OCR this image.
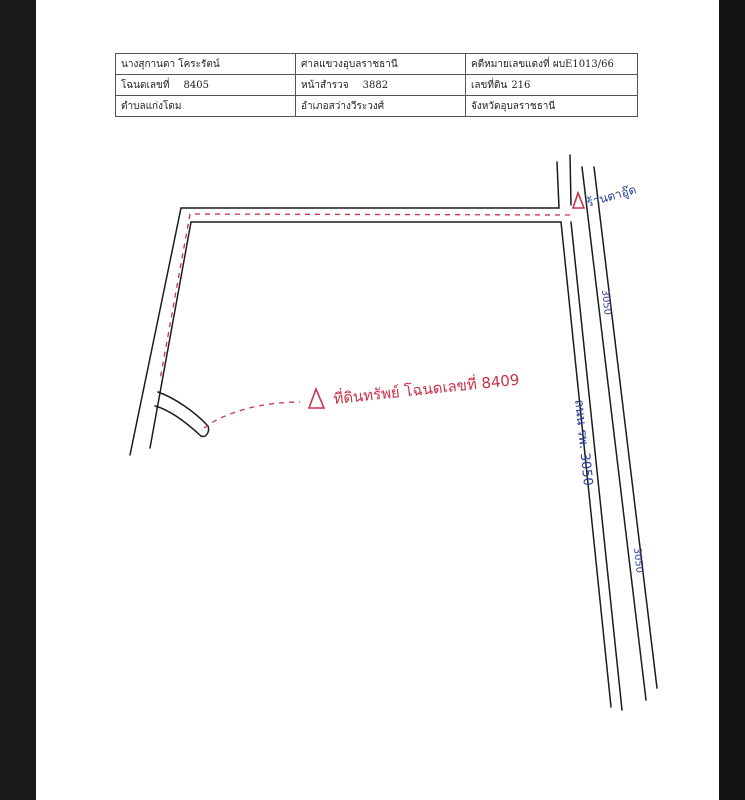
นางสุกานดา โคระรัตน์	ศาลแขวงอุบลราชธานี	คดีหมายเลขแดงที่ ผบE1013/66
โฉนดเลขที่ 8405	หน้าสำรวจ 3882	เลขที่ดิน 216
ตำบลแก่งโดม	อำเภอสว่างวีระวงศ์	จังหวัดอุบลราชธานี
ที่ดินทรัพย์ โฉนดเลขที่ 8409
ร้านตาอู๊ด
ถนน รพ. 3050
3050
3050
